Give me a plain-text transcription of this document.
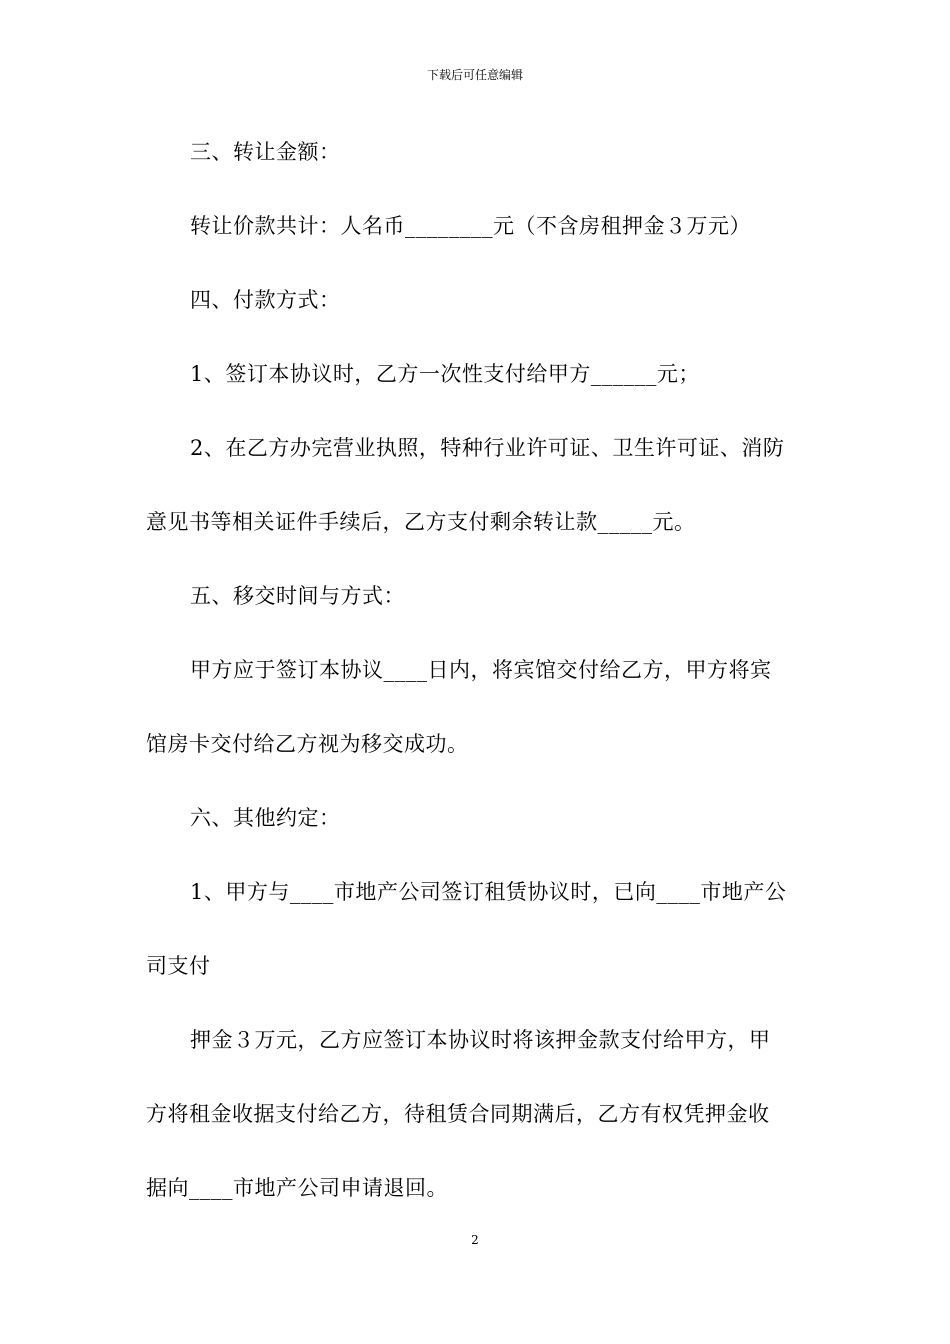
下载后可任意编辑
三、转让金额：
转让价款共计：人名币________元（不含房租押金３万元）
四、付款方式：
1、签订本协议时，乙方一次性支付给甲方______元；
2、在乙方办完营业执照，特种行业许可证、卫生许可证、消防
意见书等相关证件手续后，乙方支付剩余转让款_____元。
五、移交时间与方式：
甲方应于签订本协议____日内，将宾馆交付给乙方，甲方将宾
馆房卡交付给乙方视为移交成功。
六、其他约定：
1、甲方与____市地产公司签订租赁协议时，已向____市地产公
司支付
押金３万元，乙方应签订本协议时将该押金款支付给甲方，甲
方将租金收据支付给乙方，待租赁合同期满后，乙方有权凭押金收
据向____市地产公司申请退回。
2
